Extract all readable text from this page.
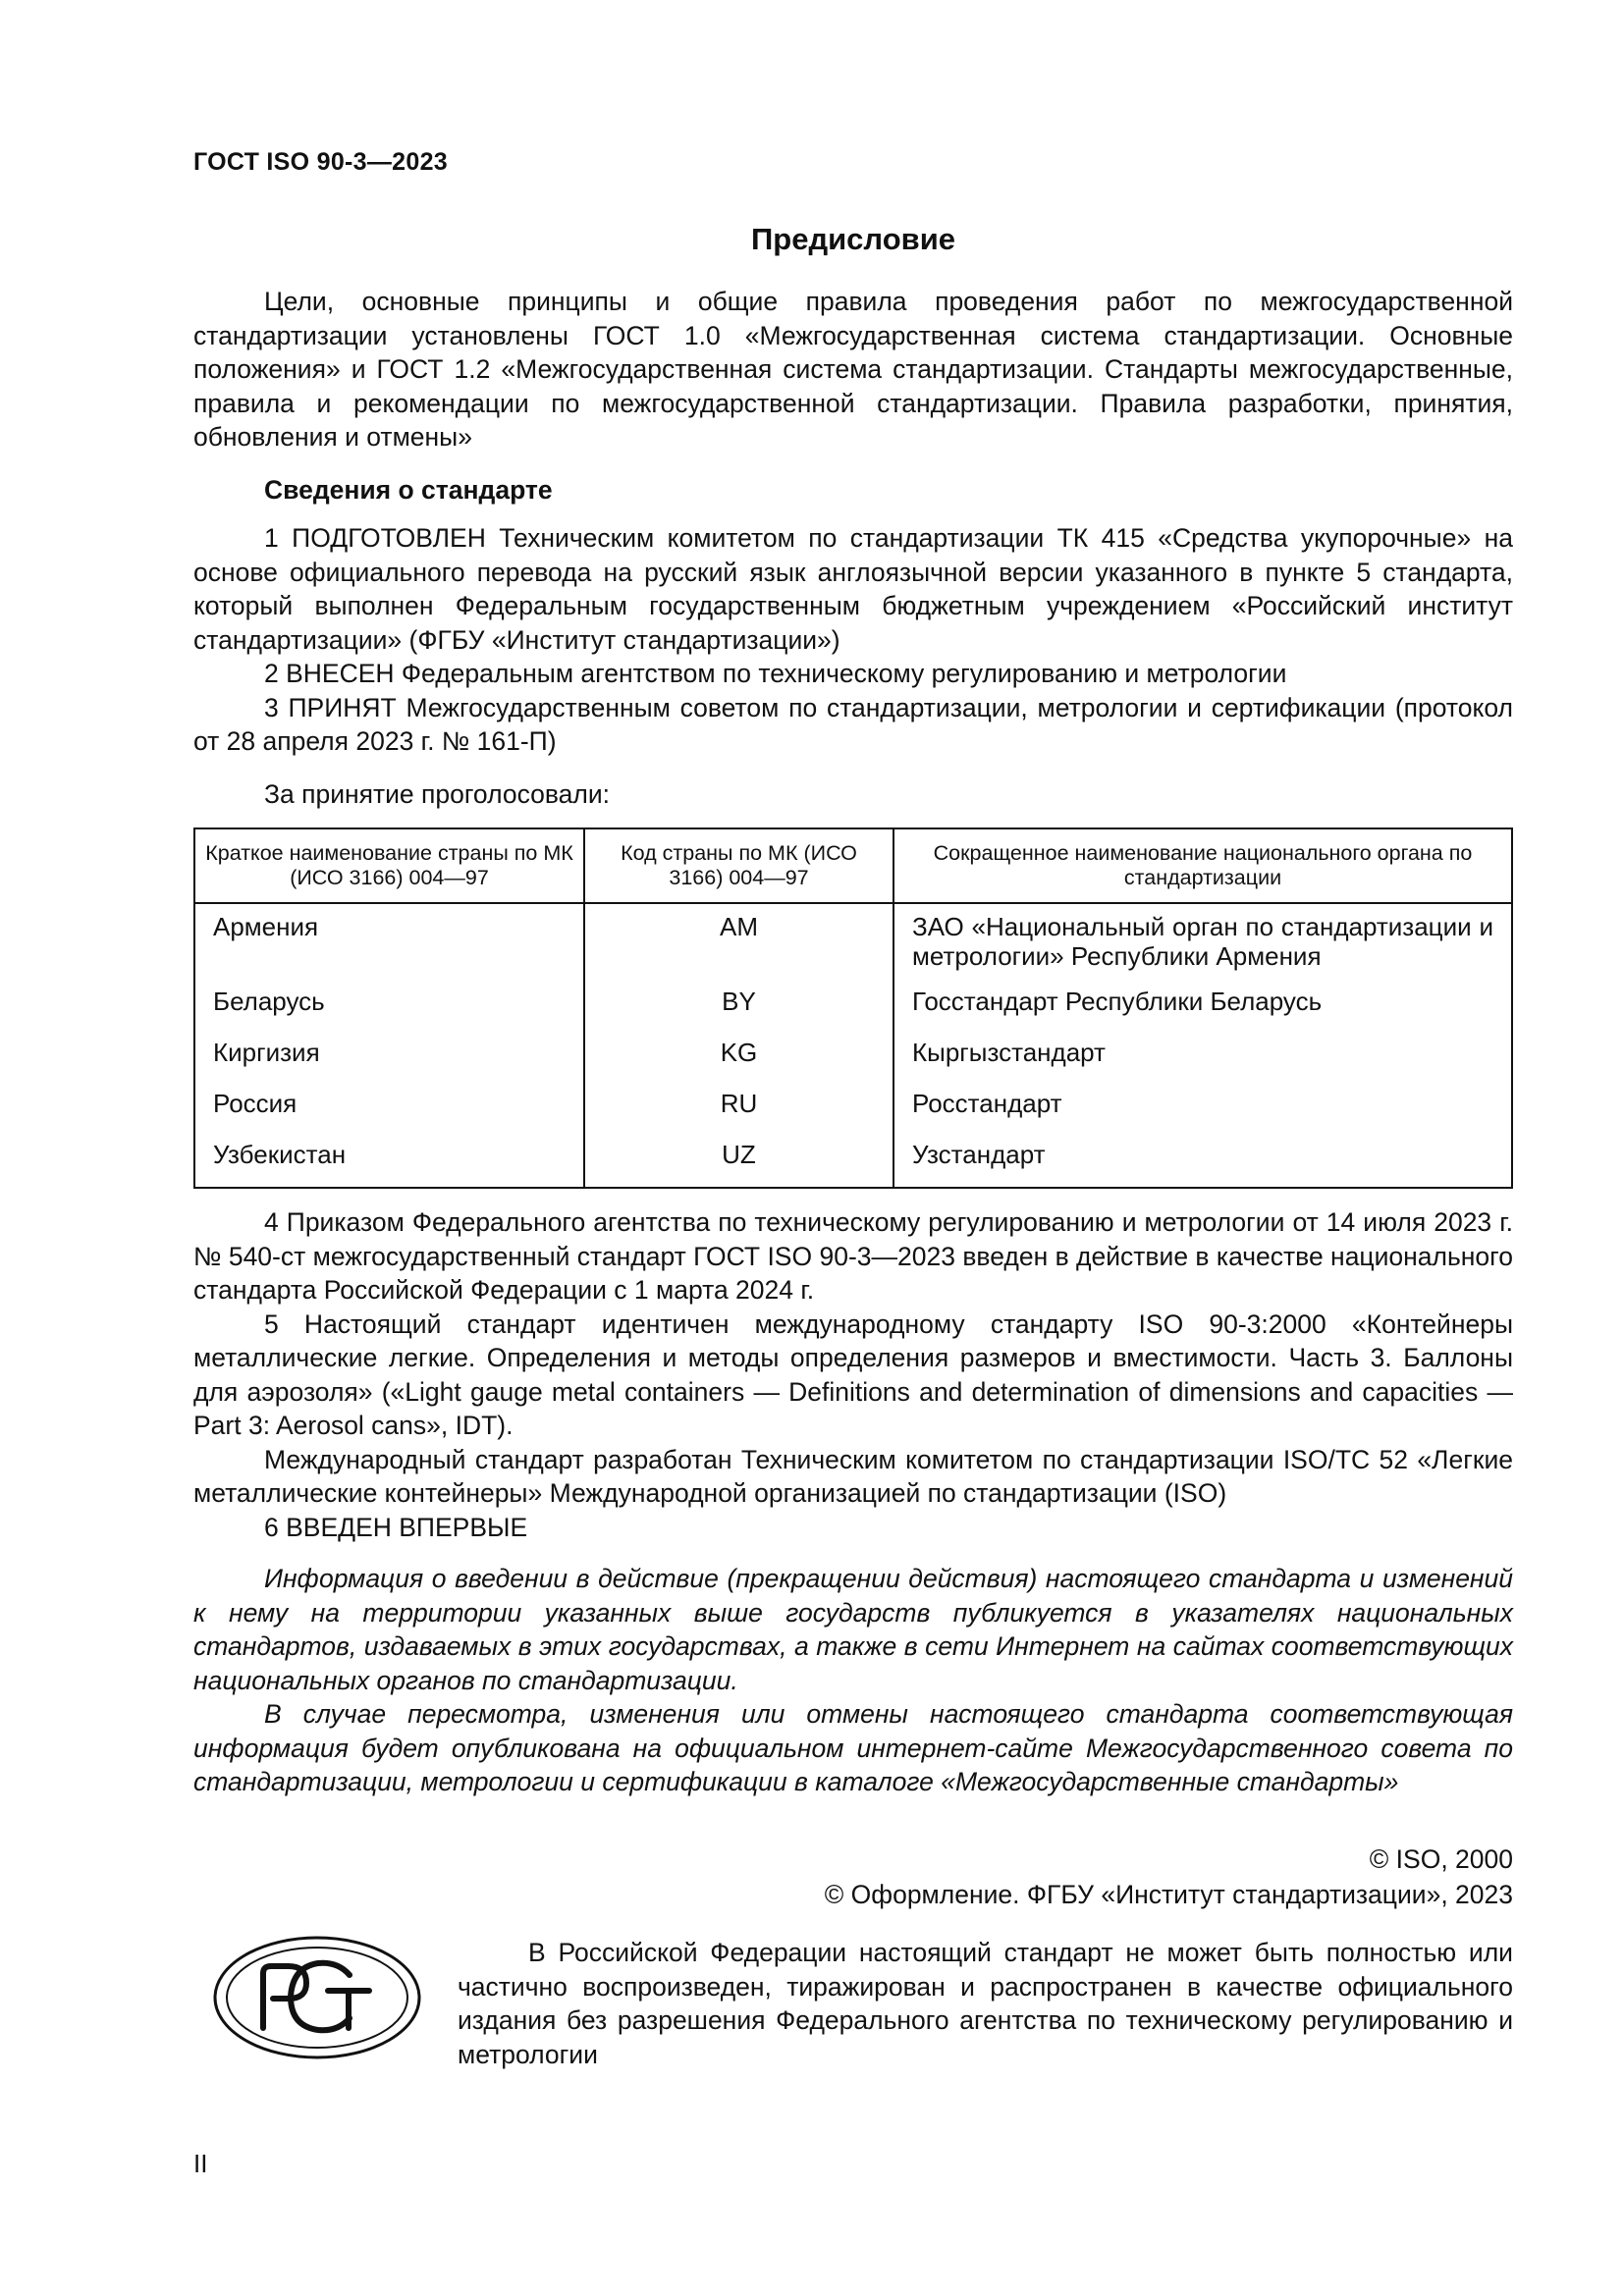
ГОСТ ISO 90-3—2023
Предисловие

Цели, основные принципы и общие правила проведения работ по межгосударственной стандартизации установлены ГОСТ 1.0 «Межгосударственная система стандартизации. Основные положения» и ГОСТ 1.2 «Межгосударственная система стандартизации. Стандарты межгосударственные, правила и рекомендации по межгосударственной стандартизации. Правила разработки, принятия, обновления и отмены»

Сведения о стандарте

1 ПОДГОТОВЛЕН Техническим комитетом по стандартизации ТК 415 «Средства укупорочные» на основе официального перевода на русский язык англоязычной версии указанного в пункте 5 стандарта, который выполнен Федеральным государственным бюджетным учреждением «Российский институт стандартизации» (ФГБУ «Институт стандартизации»)

2 ВНЕСЕН Федеральным агентством по техническому регулированию и метрологии

3 ПРИНЯТ Межгосударственным советом по стандартизации, метрологии и сертификации (протокол от 28 апреля 2023 г. № 161-П)

За принятие проголосовали:

Краткое наименование страны по МК (ИСО 3166) 004—97	Код страны по МК (ИСО 3166) 004—97	Сокращенное наименование национального органа по стандартизации
Армения	AM	ЗАО «Национальный орган по стандартизации и метрологии» Республики Армения
Беларусь	BY	Госстандарт Республики Беларусь
Киргизия	KG	Кыргызстандарт
Россия	RU	Росстандарт
Узбекистан	UZ	Узстандарт

4 Приказом Федерального агентства по техническому регулированию и метрологии от 14 июля 2023 г. № 540-ст межгосударственный стандарт ГОСТ ISO 90-3—2023 введен в действие в качестве национального стандарта Российской Федерации с 1 марта 2024 г.

5 Настоящий стандарт идентичен международному стандарту ISO 90-3:2000 «Контейнеры металлические легкие. Определения и методы определения размеров и вместимости. Часть 3. Баллоны для аэрозоля» («Light gauge metal containers — Definitions and determination of dimensions and capacities — Part 3: Aerosol cans», IDT).

Международный стандарт разработан Техническим комитетом по стандартизации ISO/TC 52 «Легкие металлические контейнеры» Международной организацией по стандартизации (ISO)

6 ВВЕДЕН ВПЕРВЫЕ

Информация о введении в действие (прекращении действия) настоящего стандарта и изменений к нему на территории указанных выше государств публикуется в указателях национальных стандартов, издаваемых в этих государствах, а также в сети Интернет на сайтах соответствующих национальных органов по стандартизации.

В случае пересмотра, изменения или отмены настоящего стандарта соответствующая информация будет опубликована на официальном интернет-сайте Межгосударственного совета по стандартизации, метрологии и сертификации в каталоге «Межгосударственные стандарты»

© ISO, 2000
© Оформление. ФГБУ «Институт стандартизации», 2023

В Российской Федерации настоящий стандарт не может быть полностью или частично воспроизведен, тиражирован и распространен в качестве официального издания без разрешения Федерального агентства по техническому регулированию и метрологии

II
